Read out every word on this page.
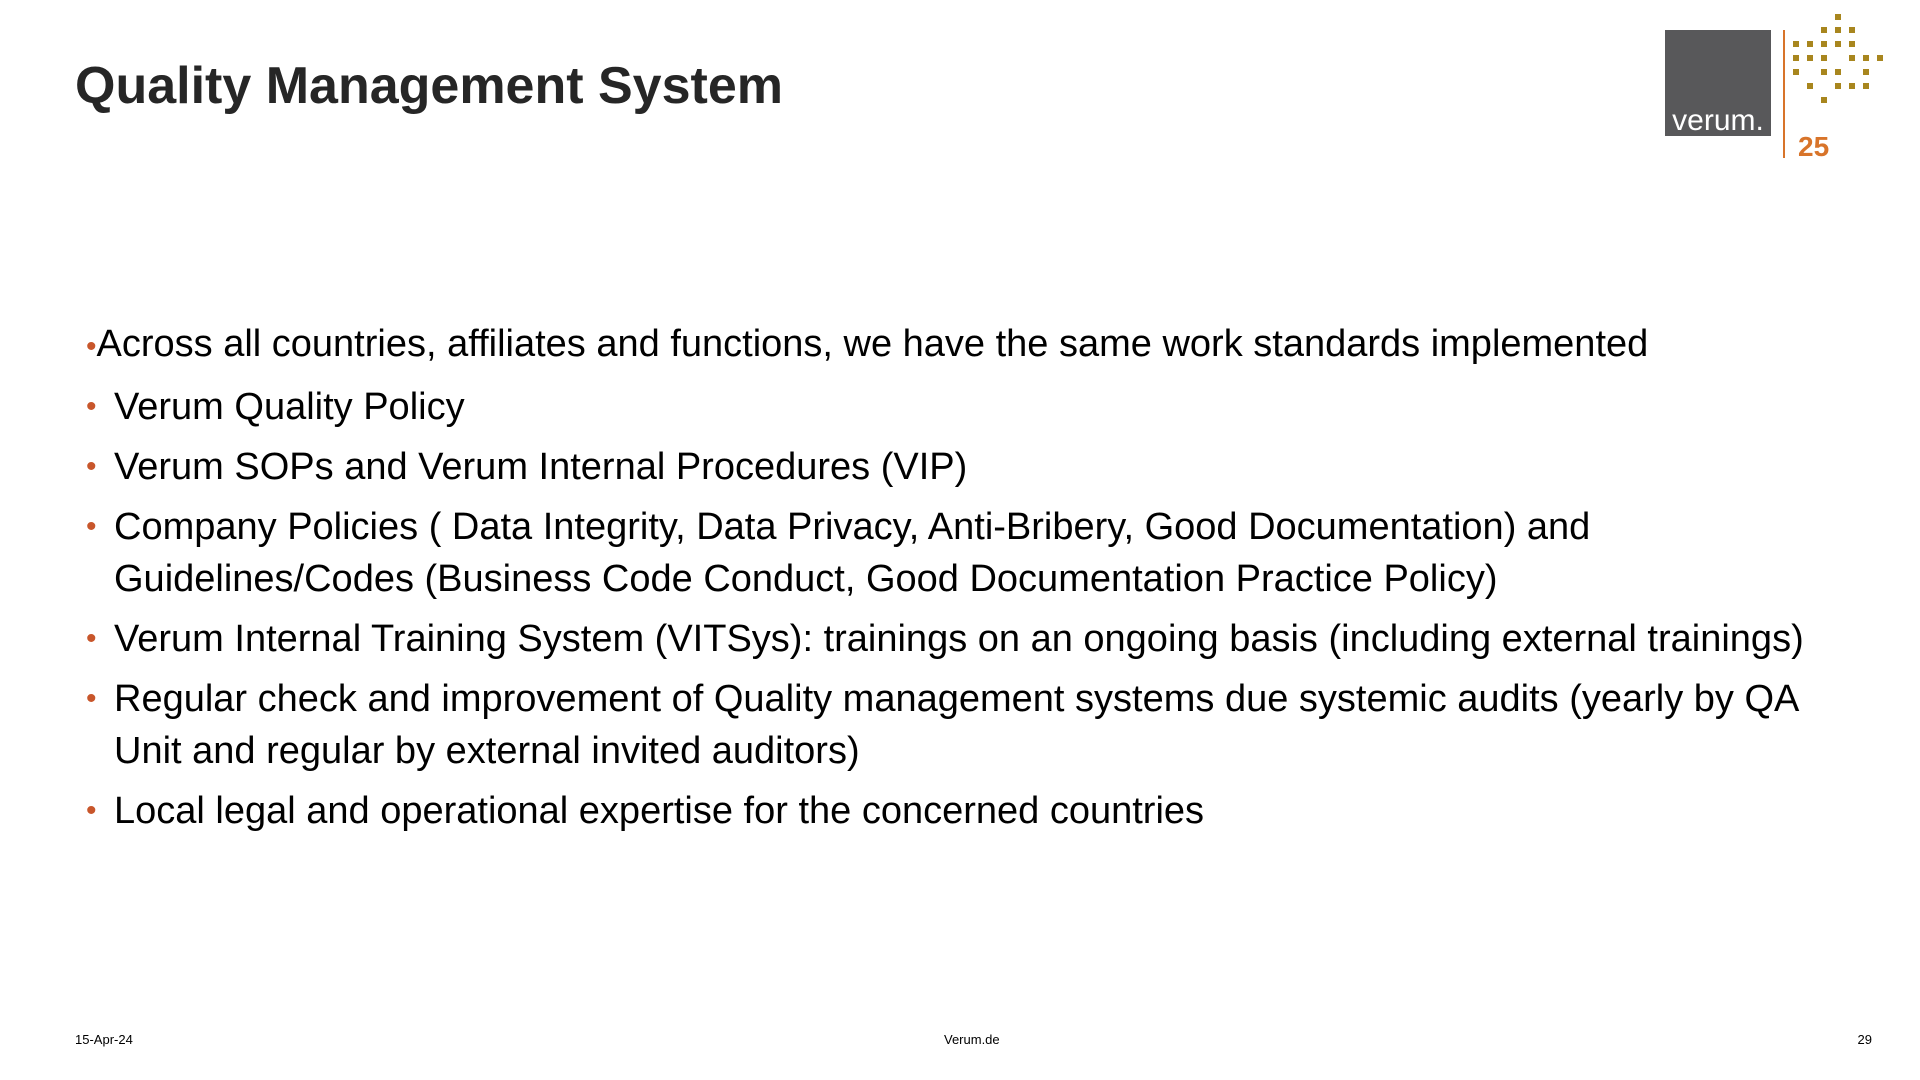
Quality Management System
verum.
25

•Across all countries, affiliates and functions, we have the same work standards implemented

• Verum Quality Policy
• Verum SOPs and Verum Internal Procedures (VIP)
• Company Policies ( Data Integrity, Data Privacy, Anti-Bribery, Good Documentation) and Guidelines/Codes (Business Code Conduct, Good Documentation Practice Policy)
• Verum Internal Training System (VITSys): trainings on an ongoing basis (including external trainings)
• Regular check and improvement of Quality management systems due systemic audits (yearly by QA Unit and regular by external invited auditors)
• Local legal and operational expertise for the concerned countries
15-Apr-24	Verum.de	29
